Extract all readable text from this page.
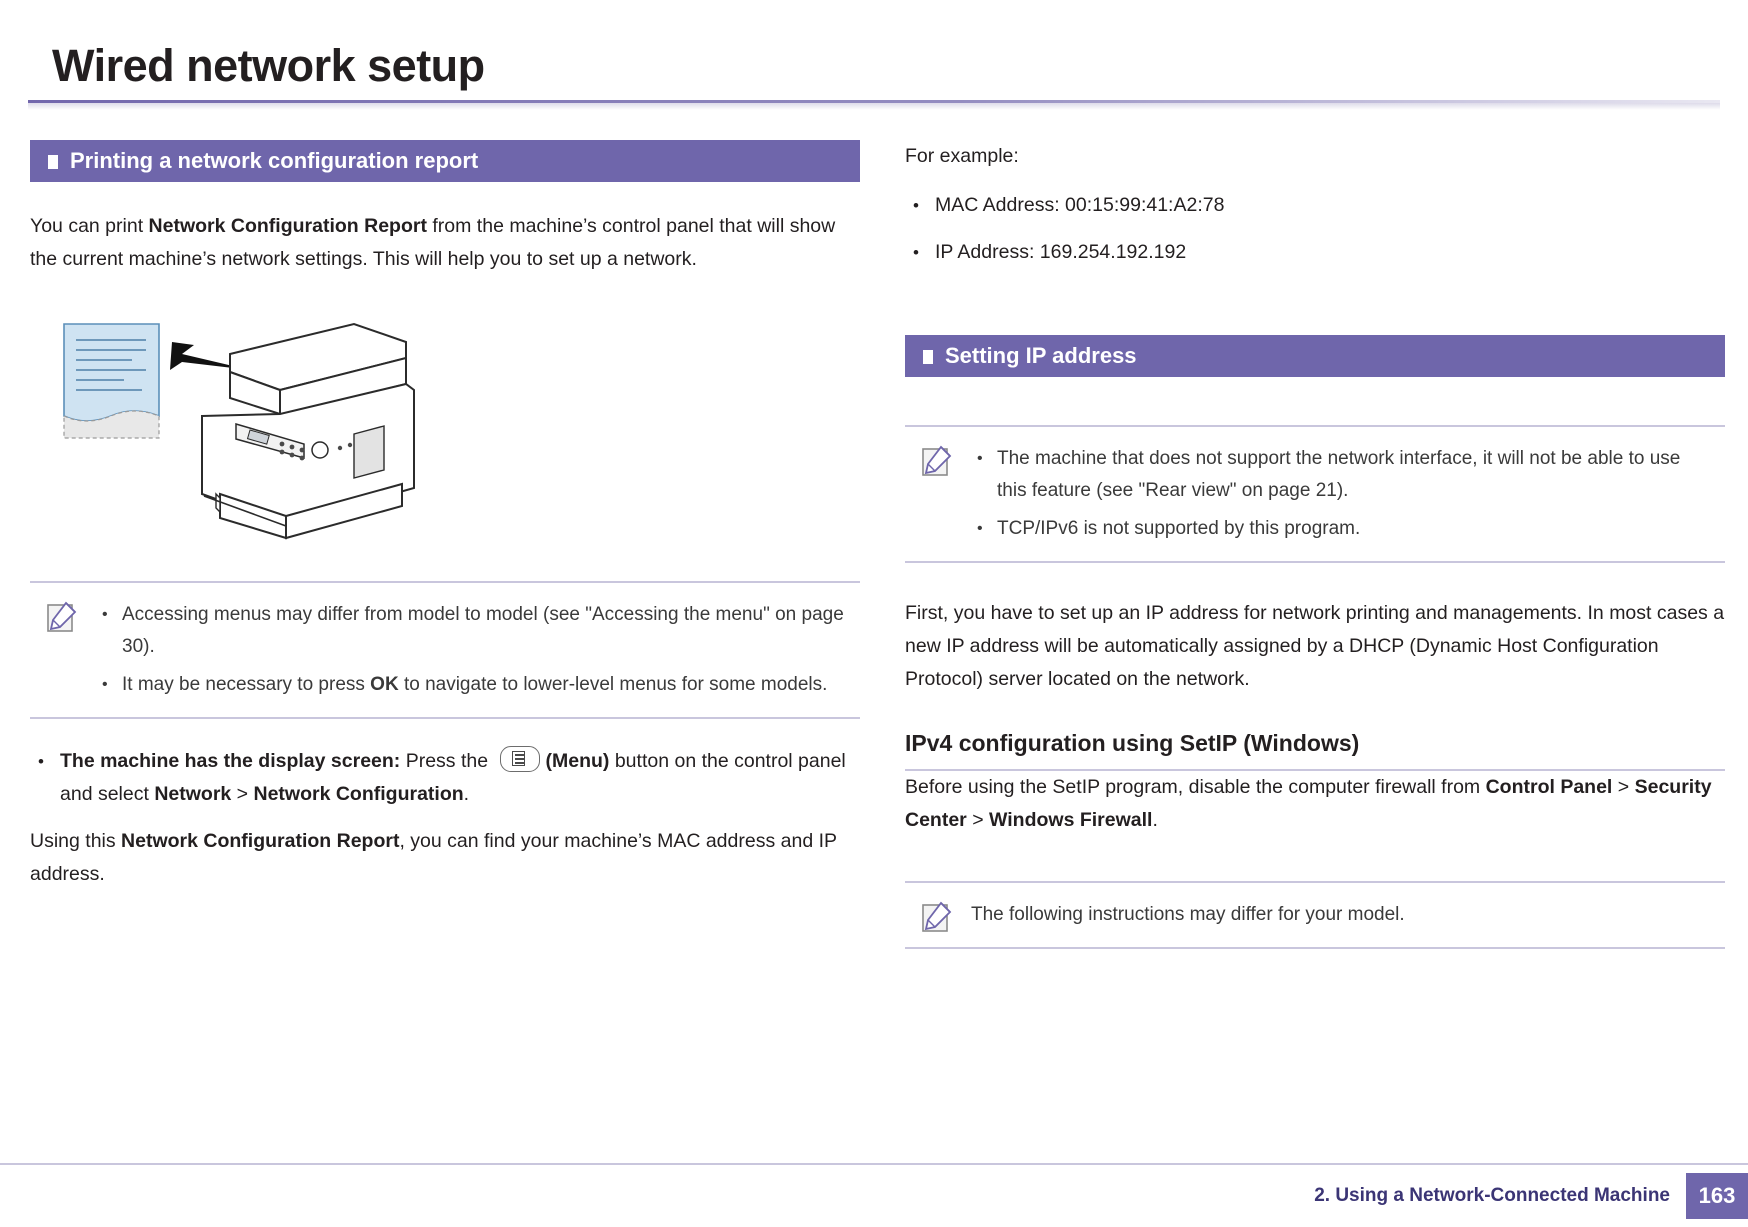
Wired network setup
Printing a network configuration report

You can print Network Configuration Report from the machine’s control panel that will show the current machine’s network settings. This will help you to set up a network.

• Accessing menus may differ from model to model (see "Accessing the menu" on page 30).
• It may be necessary to press OK to navigate to lower-level menus for some models.
• The machine has the display screen: Press the	(Menu) button on the control panel and select Network > Network Configuration.

Using this Network Configuration Report, you can find your machine’s MAC address and IP address.

For example:

• MAC Address: 00:15:99:41:A2:78
• IP Address: 169.254.192.192
Setting IP address
• The machine that does not support the network interface, it will not be able to use this feature (see "Rear view" on page 21).
• TCP/IPv6 is not supported by this program.

First, you have to set up an IP address for network printing and managements. In most cases a new IP address will be automatically assigned by a DHCP (Dynamic Host Configuration Protocol) server located on the network.

IPv4 configuration using SetIP (Windows)

Before using the SetIP program, disable the computer firewall from Control Panel > Security Center > Windows Firewall.

The following instructions may differ for your model.

2. Using a Network-Connected Machine	163
